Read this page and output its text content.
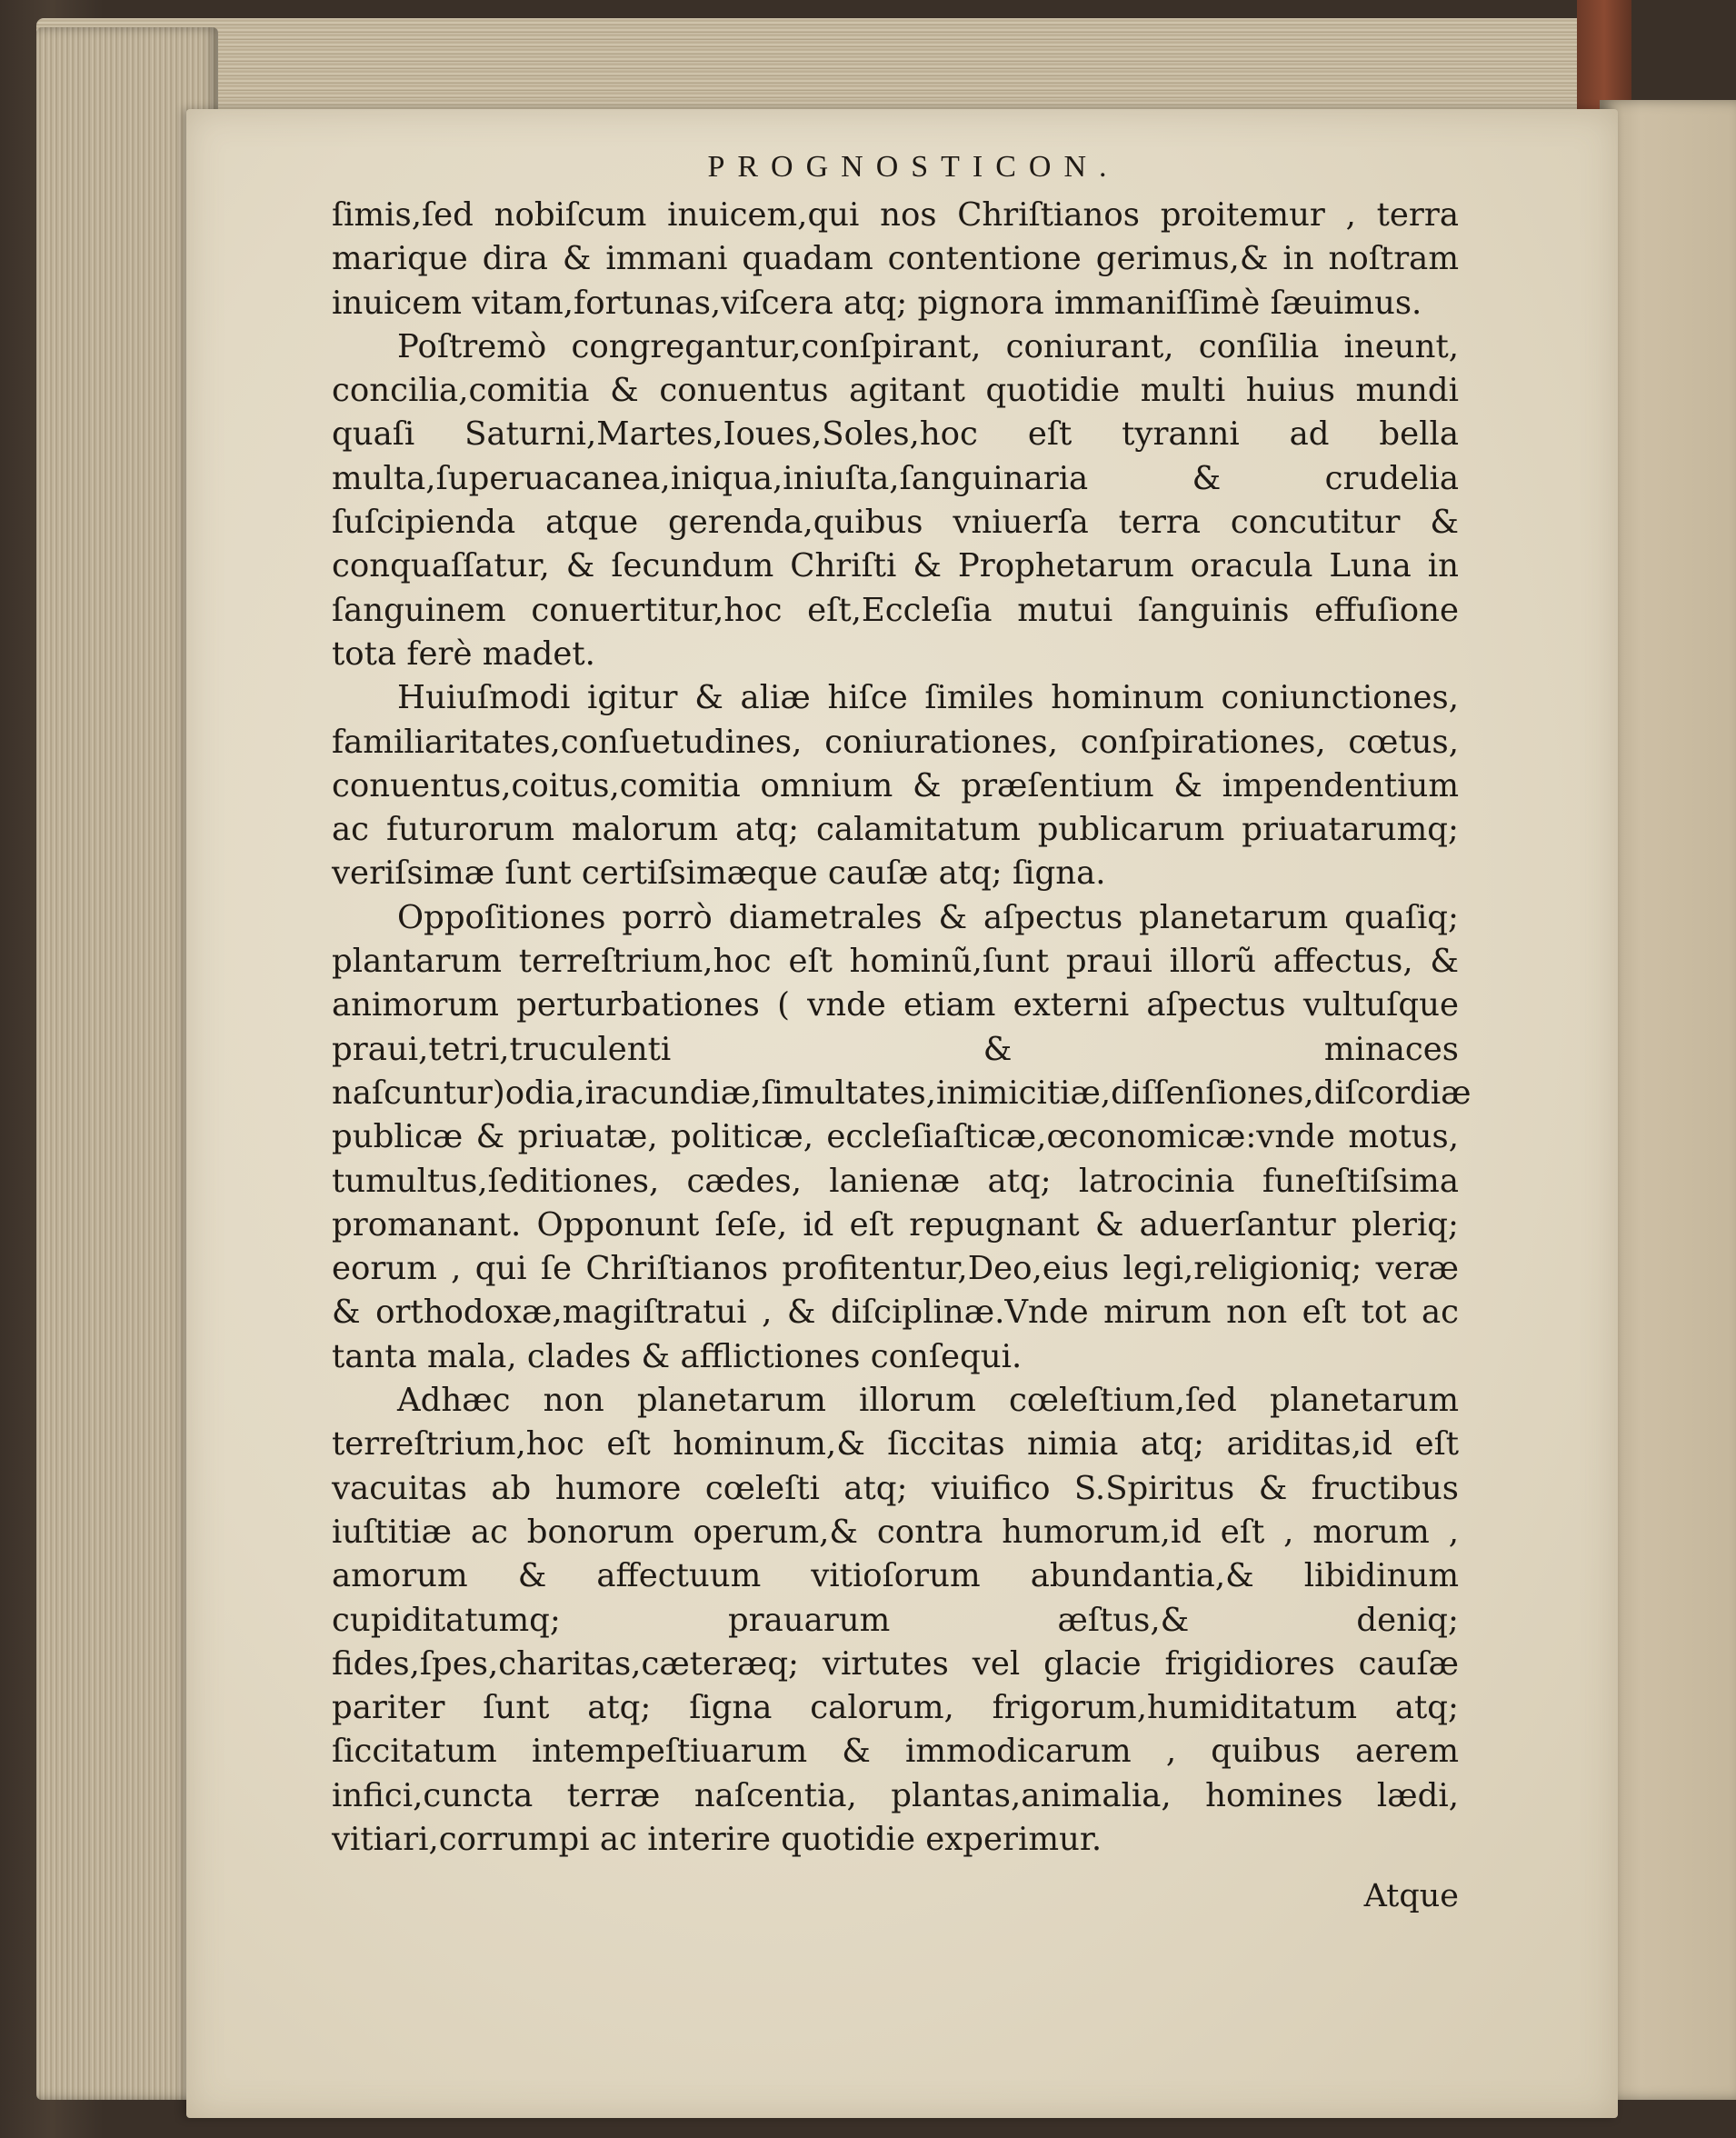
PROGNOSTICON.

ſimis,ſed nobiſcum inuicem,qui nos Chriſtianos proitemur , terra marique dira & immani quadam contentione gerimus,& in noſtram inuicem vitam,fortunas,viſcera atq; pignora immaniſſimè ſæuimus.

Poſtremò congregantur,conſpirant, coniurant, conſilia ineunt, concilia,comitia & conuentus agitant quotidie multi huius mundi quaſi Saturni,Martes,Ioues,Soles,hoc eſt tyranni ad bella multa,ſuperuacanea,iniqua,iniuſta,ſanguinaria & crudelia ſuſcipienda atque gerenda,quibus vniuerſa terra concutitur & conquaſſatur, & ſecundum Chriſti & Prophetarum oracula Luna in ſanguinem conuertitur,hoc eſt,Eccleſia mutui ſanguinis effuſione tota ferè madet.

Huiuſmodi igitur & aliæ hiſce ſimiles hominum coniunctiones, familiaritates,conſuetudines, coniurationes, conſpirationes, cœtus, conuentus,coitus,comitia omnium & præſentium & impendentium ac futurorum malorum atq; calamitatum publicarum priuatarumq; veriſsimæ ſunt certiſsimæque cauſæ atq; ſigna.

Oppoſitiones porrò diametrales & aſpectus planetarum quaſiq; plantarum terreſtrium,hoc eſt hominũ,ſunt praui illorũ affectus, & animorum perturbationes ( vnde etiam externi aſpectus vultuſque praui,tetri,truculenti & minaces naſcuntur)odia,iracundiæ,ſimultates,inimicitiæ,diſſenſiones,diſcordiæ publicæ & priuatæ, politicæ, eccleſiaſticæ,œconomicæ:vnde motus, tumultus,ſeditiones, cædes, lanienæ atq; latrocinia funeſtiſsima promanant. Opponunt ſeſe, id eſt repugnant & aduerſantur pleriq; eorum , qui ſe Chriſtianos profitentur,Deo,eius legi,religioniq; veræ & orthodoxæ,magiſtratui , & diſciplinæ.Vnde mirum non eſt tot ac tanta mala, clades & afflictiones conſequi.

Adhæc non planetarum illorum cœleſtium,ſed planetarum terreſtrium,hoc eſt hominum,& ſiccitas nimia atq; ariditas,id eſt vacuitas ab humore cœleſti atq; viuifico S.Spiritus & fructibus iuſtitiæ ac bonorum operum,& contra humorum,id eſt , morum , amorum & affectuum vitioſorum abundantia,& libidinum cupiditatumq; prauarum æſtus,& deniq; fides,ſpes,charitas,cæteræq; virtutes vel glacie frigidiores cauſæ pariter ſunt atq; ſigna calorum, frigorum,humiditatum atq; ſiccitatum intempeſtiuarum & immodicarum , quibus aerem infici,cuncta terræ naſcentia, plantas,animalia, homines lædi, vitiari,corrumpi ac interire quotidie experimur.

Atque
